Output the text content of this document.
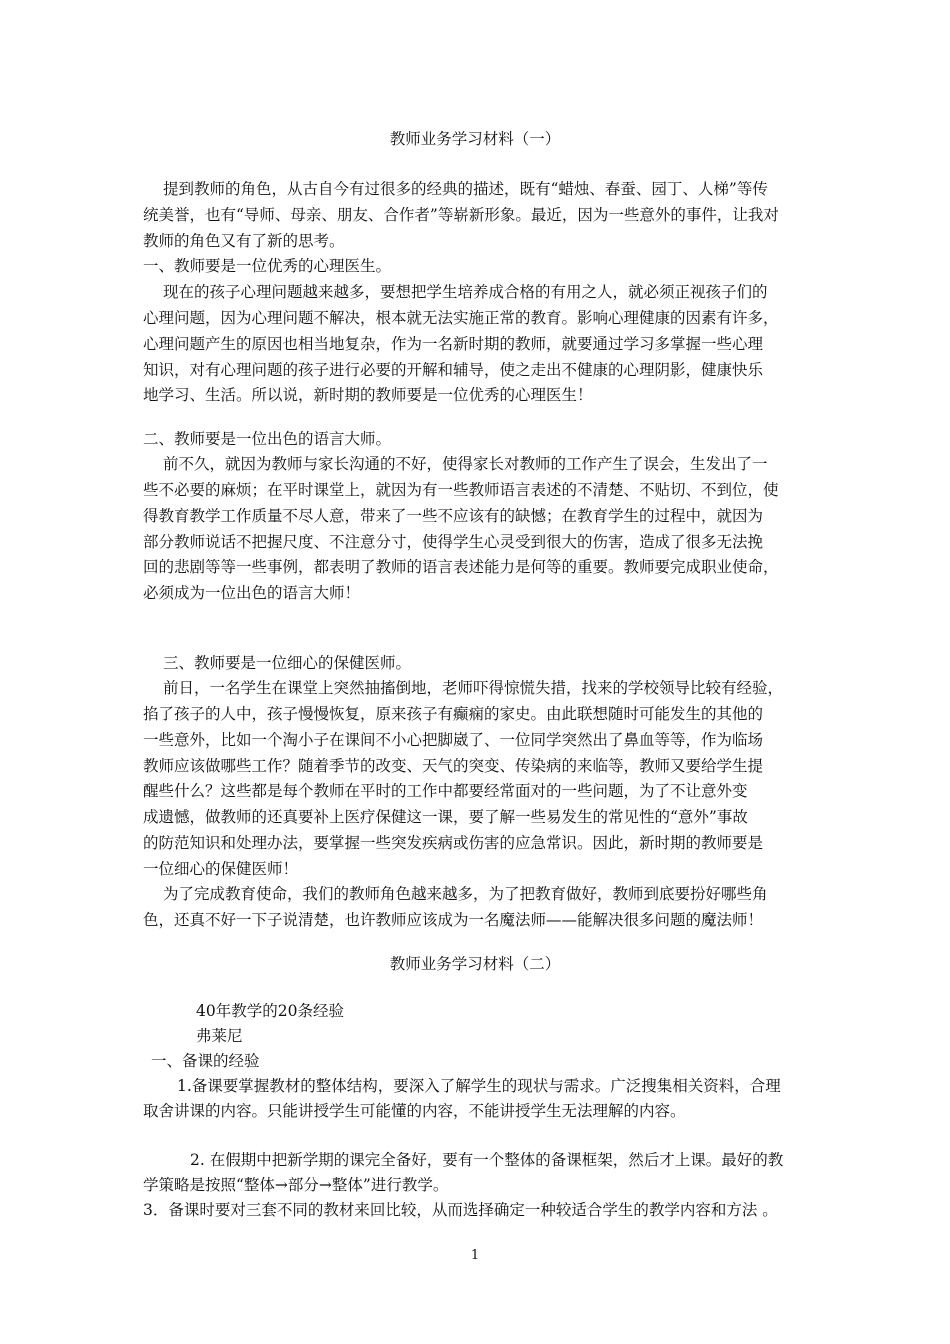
教师业务学习材料（一）
提到教师的角色，从古自今有过很多的经典的描述，既有“蜡烛、春蚕、园丁、人梯”等传
统美誉，也有“导师、母亲、朋友、合作者”等崭新形象。最近，因为一些意外的事件，让我对
教师的角色又有了新的思考。
一、教师要是一位优秀的心理医生。
现在的孩子心理问题越来越多，要想把学生培养成合格的有用之人，就必须正视孩子们的
心理问题，因为心理问题不解决，根本就无法实施正常的教育。影响心理健康的因素有许多，
心理问题产生的原因也相当地复杂，作为一名新时期的教师，就要通过学习多掌握一些心理
知识，对有心理问题的孩子进行必要的开解和辅导，使之走出不健康的心理阴影，健康快乐
地学习、生活。所以说，新时期的教师要是一位优秀的心理医生！
二、教师要是一位出色的语言大师。
前不久，就因为教师与家长沟通的不好，使得家长对教师的工作产生了误会，生发出了一
些不必要的麻烦；在平时课堂上，就因为有一些教师语言表述的不清楚、不贴切、不到位，使
得教育教学工作质量不尽人意，带来了一些不应该有的缺憾；在教育学生的过程中，就因为
部分教师说话不把握尺度、不注意分寸，使得学生心灵受到很大的伤害，造成了很多无法挽
回的悲剧等等一些事例，都表明了教师的语言表述能力是何等的重要。教师要完成职业使命，
必须成为一位出色的语言大师！
三、教师要是一位细心的保健医师。
前日，一名学生在课堂上突然抽搐倒地，老师吓得惊慌失措，找来的学校领导比较有经验，
掐了孩子的人中，孩子慢慢恢复，原来孩子有癫痫的家史。由此联想随时可能发生的其他的
一些意外，比如一个淘小子在课间不小心把脚崴了、一位同学突然出了鼻血等等，作为临场
教师应该做哪些工作？随着季节的改变、天气的突变、传染病的来临等，教师又要给学生提
醒些什么？这些都是每个教师在平时的工作中都要经常面对的一些问题，为了不让意外变
成遗憾，做教师的还真要补上医疗保健这一课，要了解一些易发生的常见性的“意外”事故
的防范知识和处理办法，要掌握一些突发疾病或伤害的应急常识。因此，新时期的教师要是
一位细心的保健医师！
为了完成教育使命，我们的教师角色越来越多，为了把教育做好，教师到底要扮好哪些角
色，还真不好一下子说清楚，也许教师应该成为一名魔法师——能解决很多问题的魔法师！
教师业务学习材料（二）
40年教学的20条经验
弗莱尼
一、备课的经验
1.备课要掌握教材的整体结构，要深入了解学生的现状与需求。广泛搜集相关资料，合理
取舍讲课的内容。只能讲授学生可能懂的内容，不能讲授学生无法理解的内容。
2. 在假期中把新学期的课完全备好，要有一个整体的备课框架，然后才上课。最好的教
学策略是按照“整体→部分→整体”进行教学。
3．备课时要对三套不同的教材来回比较，从而选择确定一种较适合学生的教学内容和方法 。
1
